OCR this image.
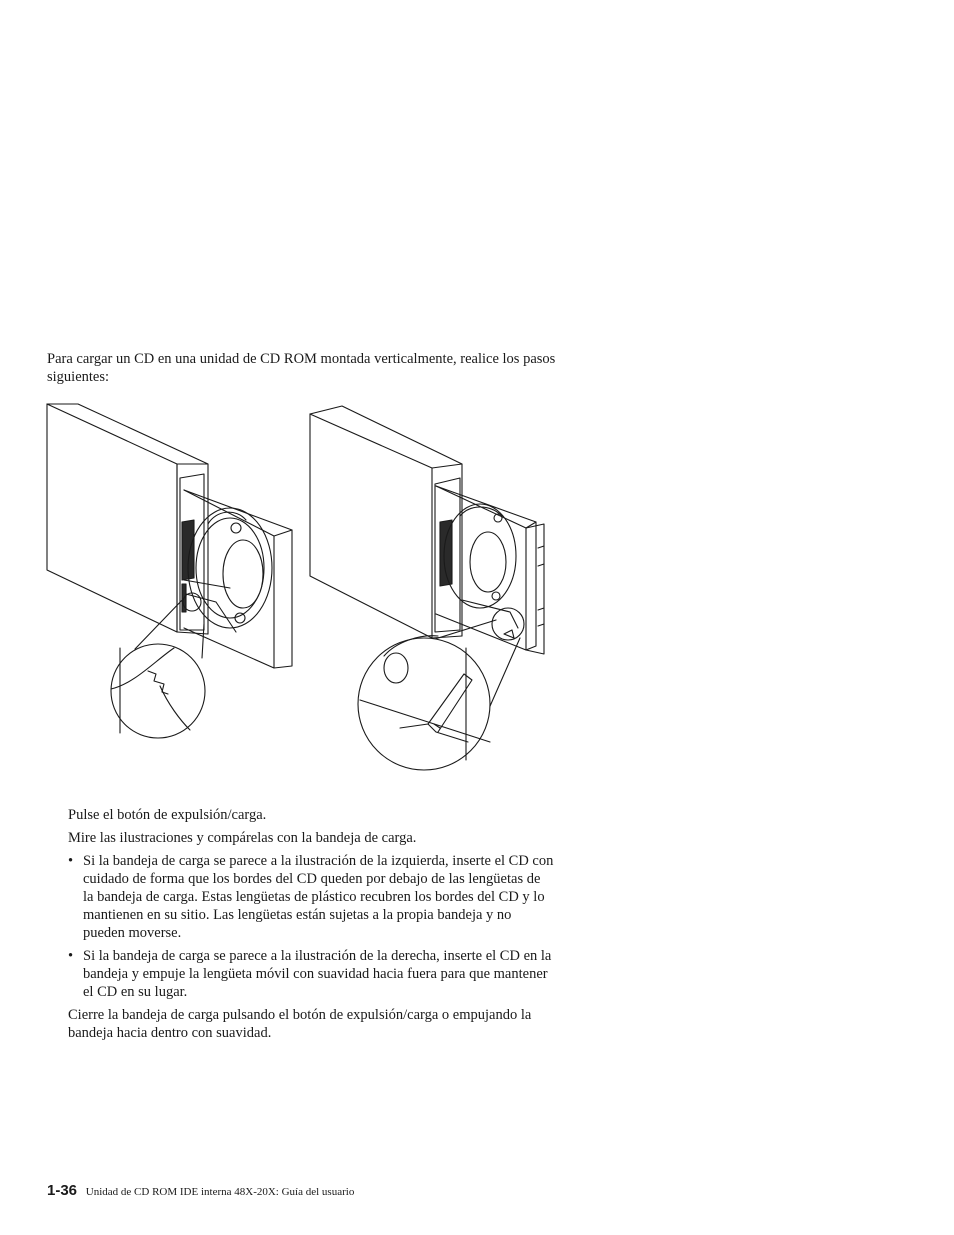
Para cargar un CD en una unidad de CD ROM montada verticalmente, realice los pasos siguientes:

Pulse el botón de expulsión/carga.

Mire las ilustraciones y compárelas con la bandeja de carga.

• Si la bandeja de carga se parece a la ilustración de la izquierda, inserte el CD con cuidado de forma que los bordes del CD queden por debajo de las lengüetas de la bandeja de carga. Estas lengüetas de plástico recubren los bordes del CD y lo mantienen en su sitio. Las lengüetas están sujetas a la propia bandeja y no pueden moverse.
• Si la bandeja de carga se parece a la ilustración de la derecha, inserte el CD en la bandeja y empuje la lengüeta móvil con suavidad hacia fuera para que mantener el CD en su lugar.

Cierre la bandeja de carga pulsando el botón de expulsión/carga o empujando la bandeja hacia dentro con suavidad.

1-36 Unidad de CD ROM IDE interna 48X-20X: Guía del usuario
